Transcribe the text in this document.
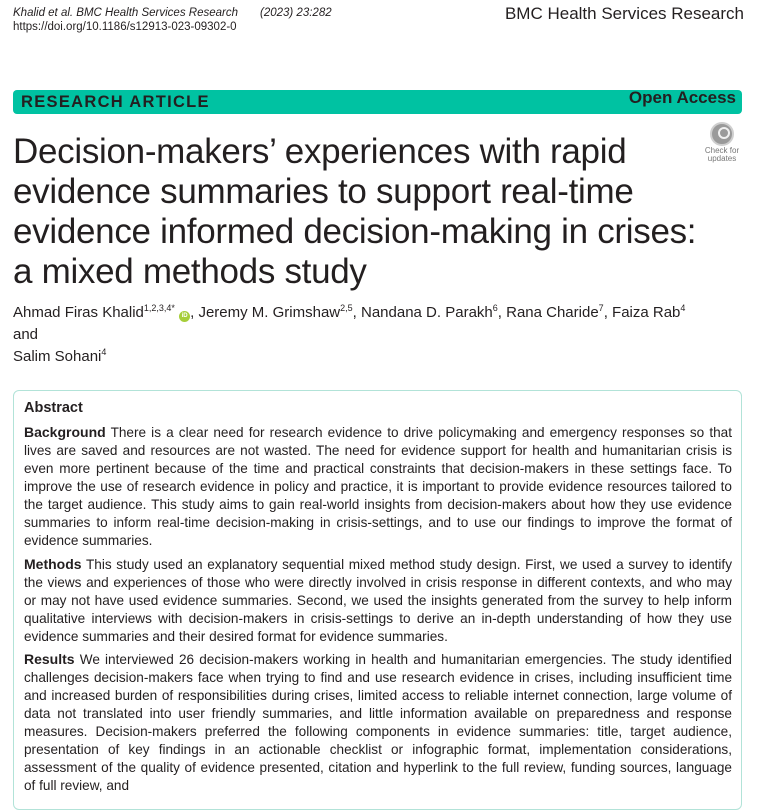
Khalid et al. BMC Health Services Research (2023) 23:282
https://doi.org/10.1186/s12913-023-09302-0
BMC Health Services Research
RESEARCH ARTICLE	Open Access
Check for
updates
Decision-makers’ experiences with rapid evidence summaries to support real-time evidence informed decision-making in crises: a mixed methods study
Ahmad Firas Khalid$^{1,2,3,4*}$ iD , Jeremy M. Grimshaw$^{2,5}$, Nandana D. Parakh$^6$, Rana Charide$^7$, Faiza Rab$^4$ and
Salim Sohani$^4$
Abstract
Background There is a clear need for research evidence to drive policymaking and emergency responses so that lives are saved and resources are not wasted. The need for evidence support for health and humanitarian crisis is even more pertinent because of the time and practical constraints that decision-makers in these settings face. To improve the use of research evidence in policy and practice, it is important to provide evidence resources tailored to the target audience. This study aims to gain real-world insights from decision-makers about how they use evidence summaries to inform real-time decision-making in crisis-settings, and to use our findings to improve the format of evidence summaries.
Methods This study used an explanatory sequential mixed method study design. First, we used a survey to identify the views and experiences of those who were directly involved in crisis response in different contexts, and who may or may not have used evidence summaries. Second, we used the insights generated from the survey to help inform qualitative interviews with decision-makers in crisis-settings to derive an in-depth understanding of how they use evidence summaries and their desired format for evidence summaries.
Results We interviewed 26 decision-makers working in health and humanitarian emergencies. The study identified challenges decision-makers face when trying to find and use research evidence in crises, including insufficient time and increased burden of responsibilities during crises, limited access to reliable internet connection, large volume of data not translated into user friendly summaries, and little information available on preparedness and response measures. Decision-makers preferred the following components in evidence summaries: title, target audience, presentation of key findings in an actionable checklist or infographic format, implementation considerations, assessment of the quality of evidence presented, citation and hyperlink to the full review, funding sources, language of full review, and
